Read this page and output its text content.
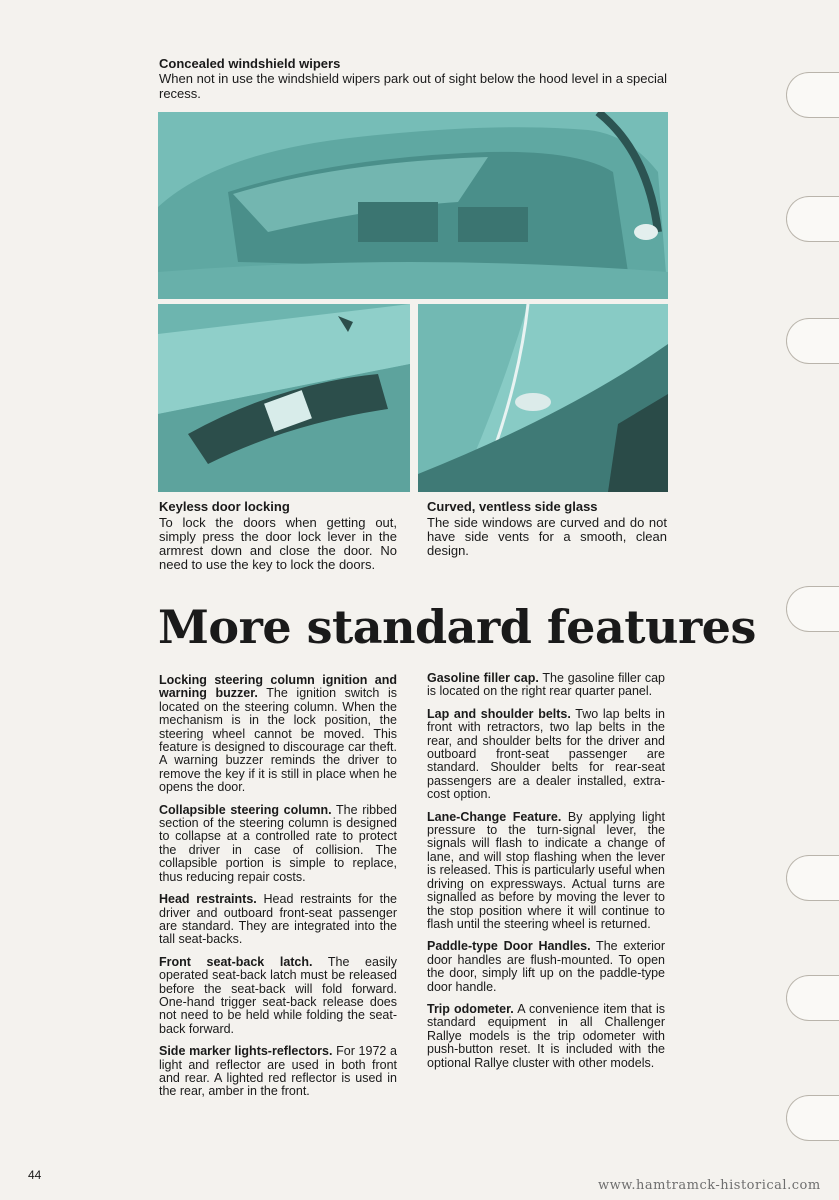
Concealed windshield wipers
When not in use the windshield wipers park out of sight below the hood level in a special recess.
Keyless door locking
To lock the doors when getting out, simply press the door lock lever in the armrest down and close the door. No need to use the key to lock the doors.
Curved, ventless side glass
The side windows are curved and do not have side vents for a smooth, clean design.
More standard features
Locking steering column ignition and warning buzzer. The ignition switch is located on the steering column. When the mechanism is in the lock position, the steering wheel cannot be moved. This feature is designed to discourage car theft. A warning buzzer reminds the driver to remove the key if it is still in place when he opens the door.
Collapsible steering column. The ribbed section of the steering column is designed to collapse at a controlled rate to protect the driver in case of collision. The collapsible portion is simple to replace, thus reducing repair costs.
Head restraints. Head restraints for the driver and outboard front-seat passenger are standard. They are integrated into the tall seat-backs.
Front seat-back latch. The easily operated seat-back latch must be released before the seat-back will fold forward. One-hand trigger seat-back release does not need to be held while folding the seat-back forward.
Side marker lights-reflectors. For 1972 a light and reflector are used in both front and rear. A lighted red reflector is used in the rear, amber in the front.
Gasoline filler cap. The gasoline filler cap is located on the right rear quarter panel.
Lap and shoulder belts. Two lap belts in front with retractors, two lap belts in the rear, and shoulder belts for the driver and outboard front-seat passenger are standard. Shoulder belts for rear-seat passengers are a dealer installed, extra-cost option.
Lane-Change Feature. By applying light pressure to the turn-signal lever, the signals will flash to indicate a change of lane, and will stop flashing when the lever is released. This is particularly useful when driving on expressways. Actual turns are signalled as before by moving the lever to the stop position where it will continue to flash until the steering wheel is returned.
Paddle-type Door Handles. The exterior door handles are flush-mounted. To open the door, simply lift up on the paddle-type door handle.
Trip odometer. A convenience item that is standard equipment in all Challenger Rallye models is the trip odometer with push-button reset. It is included with the optional Rallye cluster with other models.
44
www.hamtramck-historical.com
